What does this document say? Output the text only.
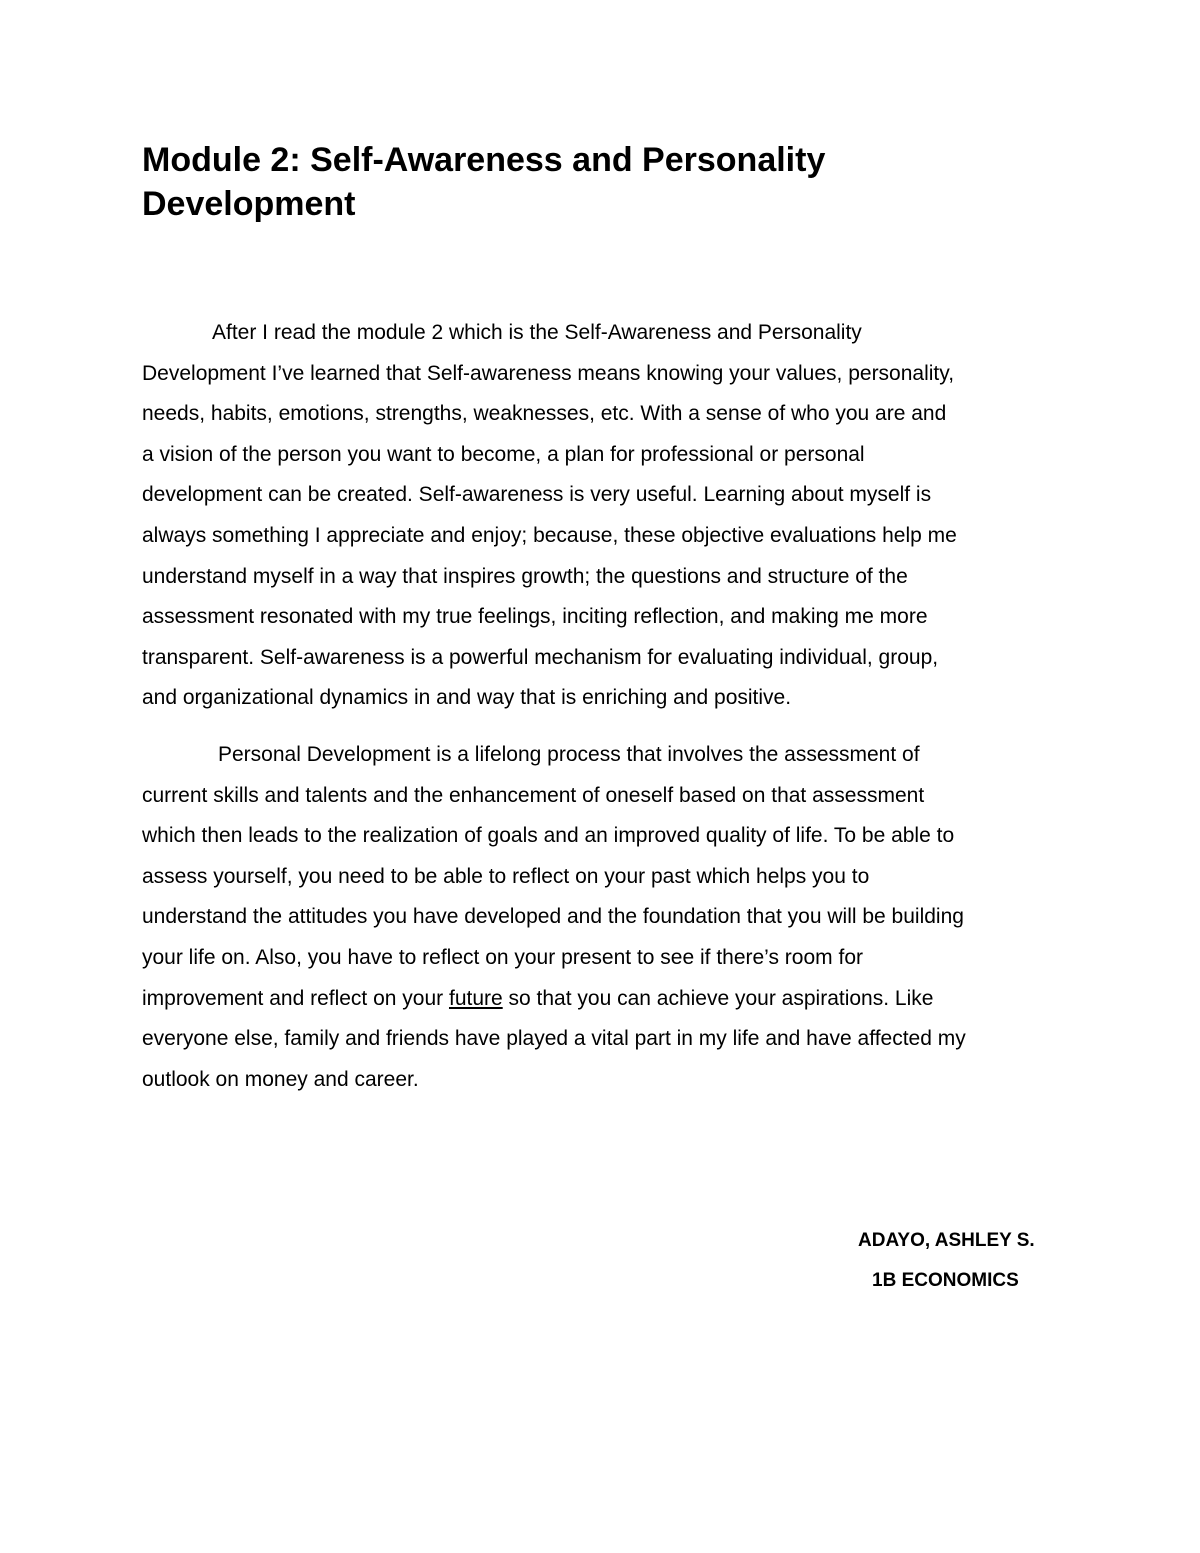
Module 2: Self-Awareness and Personality
Development

After I read the module 2 which is the Self-Awareness and Personality
Development I’ve learned that Self-awareness means knowing your values, personality,
needs, habits, emotions, strengths, weaknesses, etc. With a sense of who you are and
a vision of the person you want to become, a plan for professional or personal
development can be created. Self-awareness is very useful. Learning about myself is
always something I appreciate and enjoy; because, these objective evaluations help me
understand myself in a way that inspires growth; the questions and structure of the
assessment resonated with my true feelings, inciting reflection, and making me more
transparent. Self-awareness is a powerful mechanism for evaluating individual, group,
and organizational dynamics in and way that is enriching and positive.

Personal Development is a lifelong process that involves the assessment of
current skills and talents and the enhancement of oneself based on that assessment
which then leads to the realization of goals and an improved quality of life. To be able to
assess yourself, you need to be able to reflect on your past which helps you to
understand the attitudes you have developed and the foundation that you will be building
your life on. Also, you have to reflect on your present to see if there’s room for
improvement and reflect on your future so that you can achieve your aspirations. Like
everyone else, family and friends have played a vital part in my life and have affected my
outlook on money and career.

ADAYO, ASHLEY S.

1B ECONOMICS
